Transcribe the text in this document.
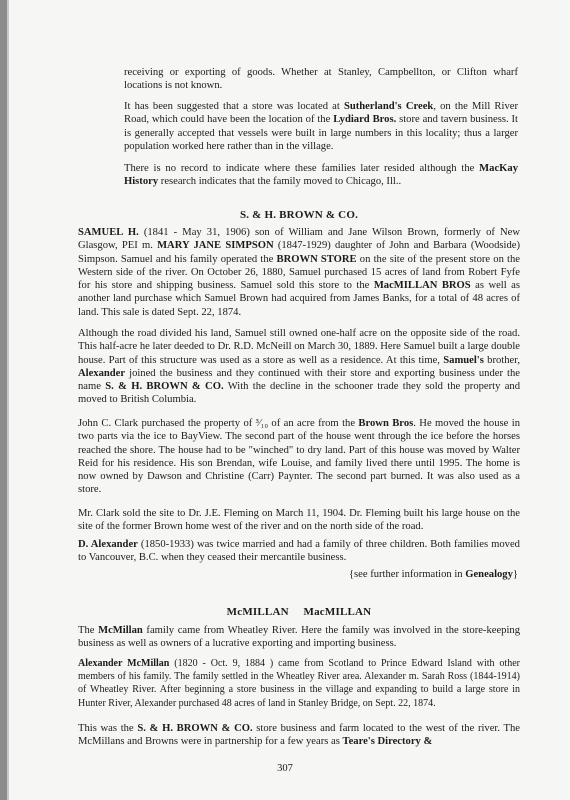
receiving or exporting of goods. Whether at Stanley, Campbellton, or Clifton wharf locations is not known.
It has been suggested that a store was located at Sutherland's Creek, on the Mill River Road, which could have been the location of the Lydiard Bros. store and tavern business. It is generally accepted that vessels were built in large numbers in this locality; thus a larger population worked here rather than in the village.
There is no record to indicate where these families later resided although the MacKay History research indicates that the family moved to Chicago, Ill..
S. & H. BROWN & CO.
SAMUEL H. (1841 - May 31, 1906) son of William and Jane Wilson Brown, formerly of New Glasgow, PEI m. MARY JANE SIMPSON (1847-1929) daughter of John and Barbara (Woodside) Simpson. Samuel and his family operated the BROWN STORE on the site of the present store on the Western side of the river. On October 26, 1880, Samuel purchased 15 acres of land from Robert Fyfe for his store and shipping business. Samuel sold this store to the MacMILLAN BROS as well as another land purchase which Samuel Brown had acquired from James Banks, for a total of 48 acres of land. This sale is dated Sept. 22, 1874.
Although the road divided his land, Samuel still owned one-half acre on the opposite side of the road. This half-acre he later deeded to Dr. R.D. McNeill on March 30, 1889. Here Samuel built a large double house. Part of this structure was used as a store as well as a residence. At this time, Samuel's brother, Alexander joined the business and they continued with their store and exporting business under the name S. & H. BROWN & CO. With the decline in the schooner trade they sold the property and moved to British Columbia.
John C. Clark purchased the property of ³⁄₁₀ of an acre from the Brown Bros. He moved the house in two parts via the ice to BayView. The second part of the house went through the ice before the horses reached the shore. The house had to be "winched" to dry land. Part of this house was moved by Walter Reid for his residence. His son Brendan, wife Louise, and family lived there until 1995. The home is now owned by Dawson and Christine (Carr) Paynter. The second part burned. It was also used as a store.
Mr. Clark sold the site to Dr. J.E. Fleming on March 11, 1904. Dr. Fleming built his large house on the site of the former Brown home west of the river and on the north side of the road.
D. Alexander (1850-1933) was twice married and had a family of three children. Both families moved to Vancouver, B.C. when they ceased their mercantile business.
{see further information in Genealogy}
McMILLAN     MacMILLAN
The McMillan family came from Wheatley River. Here the family was involved in the store-keeping business as well as owners of a lucrative exporting and importing business.
Alexander McMillan (1820 - Oct. 9, 1884 ) came from Scotland to Prince Edward Island with other members of his family. The family settled in the Wheatley River area. Alexander m. Sarah Ross (1844-1914) of Wheatley River. After beginning a store business in the village and expanding to build a large store in Hunter River, Alexander purchased 48 acres of land in Stanley Bridge, on Sept. 22, 1874.
This was the S. & H. BROWN & CO. store business and farm located to the west of the river. The McMillans and Browns were in partnership for a few years as Teare's Directory &
307
